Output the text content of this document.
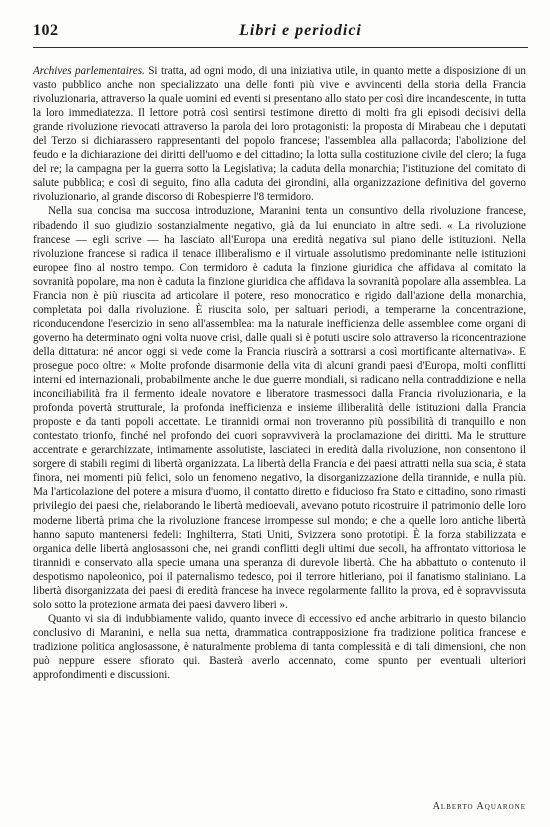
102	Libri e periodici

Archives parlementaires. Si tratta, ad ogni modo, di una iniziativa utile, in quanto mette a disposizione di un vasto pubblico anche non specializzato una delle fonti più vive e avvincenti della storia della Francia rivoluzionaria, attraverso la quale uomini ed eventi si presentano allo stato per così dire incandescente, in tutta la loro immediatezza. Il lettore potrà così sentirsi testimone diretto di molti fra gli episodi decisivi della grande rivoluzione rievocati attraverso la parola dei loro protagonisti: la proposta di Mirabeau che i deputati del Terzo si dichiarassero rappresentanti del popolo francese; l'assemblea alla pallacorda; l'abolizione del feudo e la dichiarazione dei diritti dell'uomo e del cittadino; la lotta sulla costituzione civile del clero; la fuga del re; la campagna per la guerra sotto la Legislativa; la caduta della monarchia; l'istituzione del comitato di salute pubblica; e così di seguito, fino alla caduta dei girondini, alla organizzazione definitiva del governo rivoluzionario, al grande discorso di Robespierre l'8 termidoro.

Nella sua concisa ma succosa introduzione, Maranini tenta un consuntivo della rivoluzione francese, ribadendo il suo giudizio sostanzialmente negativo, già da lui enunciato in altre sedi. « La rivoluzione francese — egli scrive — ha lasciato all'Europa una eredità negativa sul piano delle istituzioni. Nella rivoluzione francese si radica il tenace illiberalismo e il virtuale assolutismo predominante nelle istituzioni europee fino al nostro tempo. Con termidoro è caduta la finzione giuridica che affidava al comitato la sovranità popolare, ma non è caduta la finzione giuridica che affidava la sovranità popolare alla assemblea. La Francia non è più riuscita ad articolare il potere, reso monocratico e rigido dall'azione della monarchia, completata poi dalla rivoluzione. È riuscita solo, per saltuari periodi, a temperarne la concentrazione, riconducendone l'esercizio in seno all'assemblea: ma la naturale inefficienza delle assemblee come organi di governo ha determinato ogni volta nuove crisi, dalle quali si è potuti uscire solo attraverso la riconcentrazione della dittatura: né ancor oggi si vede come la Francia riuscirà a sottrarsi a così mortificante alternativa». E prosegue poco oltre: « Molte profonde disarmonie della vita di alcuni grandi paesi d'Europa, molti conflitti interni ed internazionali, probabilmente anche le due guerre mondiali, si radicano nella contraddizione e nella inconciliabilità fra il fermento ideale novatore e liberatore trasmessoci dalla Francia rivoluzionaria, e la profonda povertà strutturale, la profonda inefficienza e insieme illiberalità delle istituzioni dalla Francia proposte e da tanti popoli accettate. Le tirannidi ormai non troveranno più possibilità di tranquillo e non contestato trionfo, finché nel profondo dei cuori sopravviverà la proclamazione dei diritti. Ma le strutture accentrate e gerarchizzate, intimamente assolutiste, lasciateci in eredità dalla rivoluzione, non consentono il sorgere di stabili regimi di libertà organizzata. La libertà della Francia e dei paesi attratti nella sua scia, è stata finora, nei momenti più felici, solo un fenomeno negativo, la disorganizzazione della tirannide, e nulla più. Ma l'articolazione del potere a misura d'uomo, il contatto diretto e fiducioso fra Stato e cittadino, sono rimasti privilegio dei paesi che, rielaborando le libertà medioevali, avevano potuto ricostruire il patrimonio delle loro moderne libertà prima che la rivoluzione francese irrompesse sul mondo; e che a quelle loro antiche libertà hanno saputo mantenersi fedeli: Inghilterra, Stati Uniti, Svizzera sono prototipi. È la forza stabilizzata e organica delle libertà anglosassoni che, nei grandi conflitti degli ultimi due secoli, ha affrontato vittoriosa le tirannidi e conservato alla specie umana una speranza di durevole libertà. Che ha abbattuto o contenuto il despotismo napoleonico, poi il paternalismo tedesco, poi il terrore hitleriano, poi il fanatismo staliniano. La libertà disorganizzata dei paesi di eredità francese ha invece regolarmente fallito la prova, ed è sopravvissuta solo sotto la protezione armata dei paesi davvero liberi ».

Quanto vi sia di indubbiamente valido, quanto invece di eccessivo ed anche arbitrario in questo bilancio conclusivo di Maranini, e nella sua netta, drammatica contrapposizione fra tradizione politica francese e tradizione politica anglosassone, è naturalmente problema di tanta complessità e di tali dimensioni, che non può neppure essere sfiorato qui. Basterà averlo accennato, come spunto per eventuali ulteriori approfondimenti e discussioni.

Alberto Aquarone
